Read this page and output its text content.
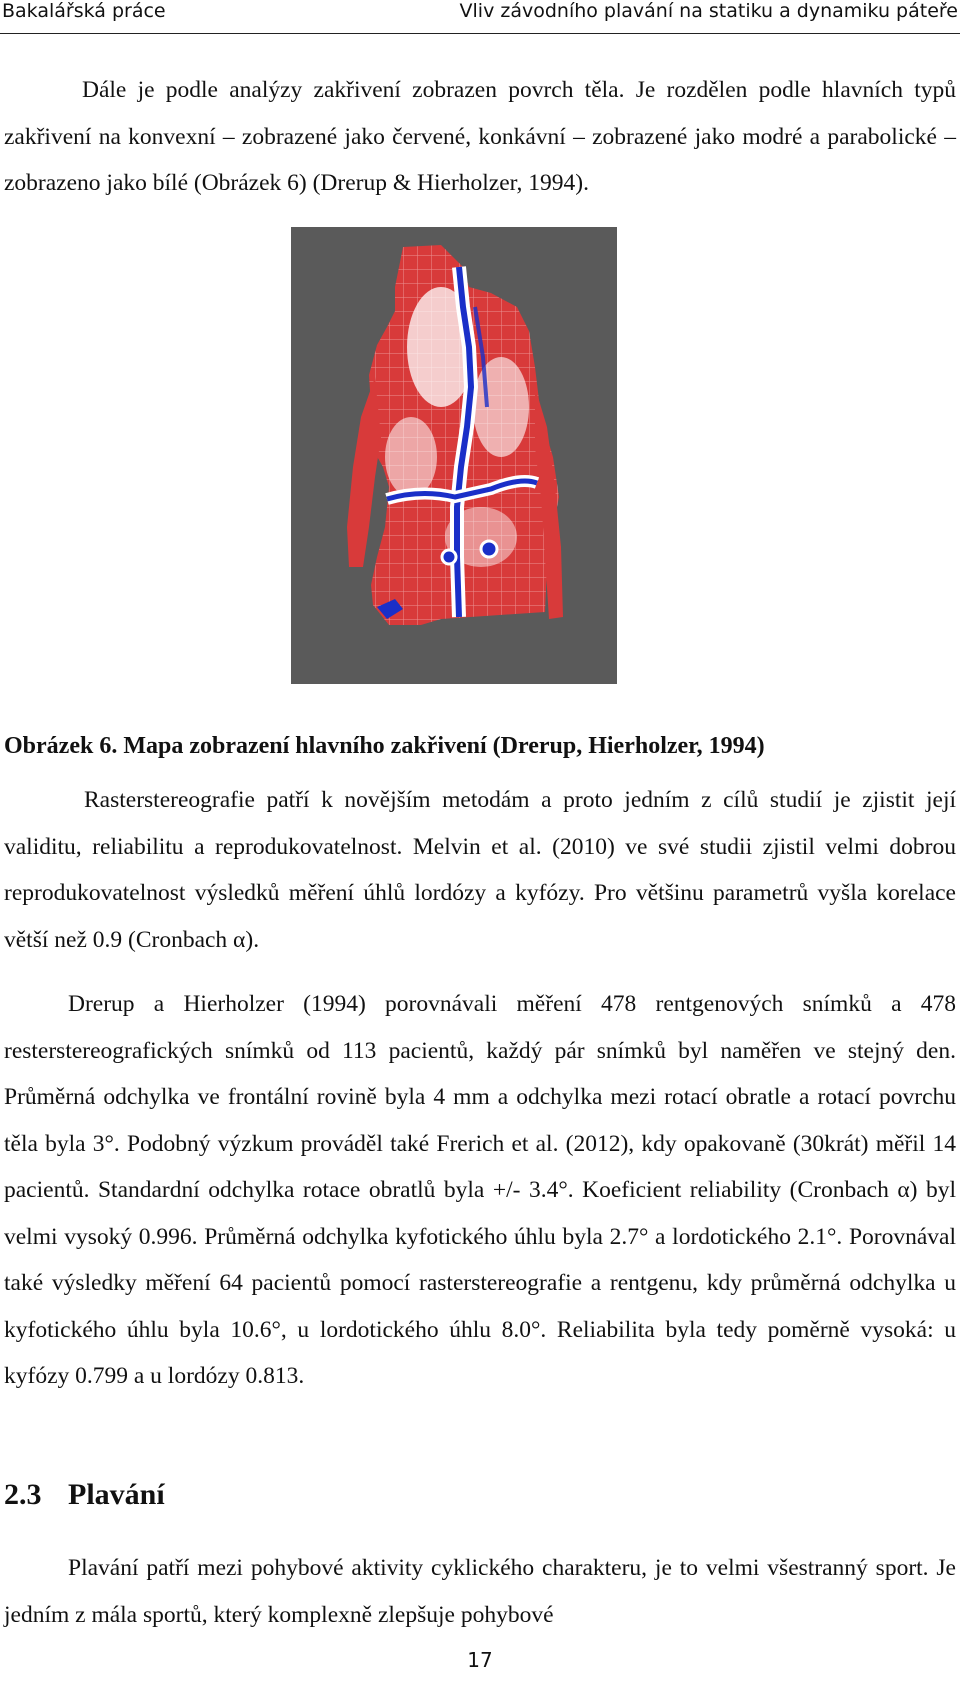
Bakalářská práce	Vliv závodního plavání na statiku a dynamiku páteře

Dále je podle analýzy zakřivení zobrazen povrch těla. Je rozdělen podle hlavních typů zakřivení na konvexní – zobrazené jako červené, konkávní – zobrazené jako modré a parabolické – zobrazeno jako bílé (Obrázek 6) (Drerup & Hierholzer, 1994).

Obrázek 6. Mapa zobrazení hlavního zakřivení (Drerup, Hierholzer, 1994)

Rasterstereografie patří k novějším metodám a proto jedním z cílů studií je zjistit její validitu, reliabilitu a reprodukovatelnost. Melvin et al. (2010) ve své studii zjistil velmi dobrou reprodukovatelnost výsledků měření úhlů lordózy a kyfózy. Pro většinu parametrů vyšla korelace větší než 0.9 (Cronbach α).

Drerup a Hierholzer (1994) porovnávali měření 478 rentgenových snímků a 478 resterstereografických snímků od 113 pacientů, každý pár snímků byl naměřen ve stejný den. Průměrná odchylka ve frontální rovině byla 4 mm a odchylka mezi rotací obratle a rotací povrchu těla byla 3°. Podobný výzkum prováděl také Frerich et al. (2012), kdy opakovaně (30krát) měřil 14 pacientů. Standardní odchylka rotace obratlů byla +/- 3.4°. Koeficient reliability (Cronbach α) byl velmi vysoký 0.996. Průměrná odchylka kyfotického úhlu byla 2.7° a lordotického 2.1°. Porovnával také výsledky měření 64 pacientů pomocí rasterstereografie a rentgenu, kdy průměrná odchylka u kyfotického úhlu byla 10.6°, u lordotického úhlu 8.0°. Reliabilita byla tedy poměrně vysoká: u kyfózy 0.799 a u lordózy 0.813.

2.3 Plavání

Plavání patří mezi pohybové aktivity cyklického charakteru, je to velmi všestranný sport. Je jedním z mála sportů, který komplexně zlepšuje pohybové

17
